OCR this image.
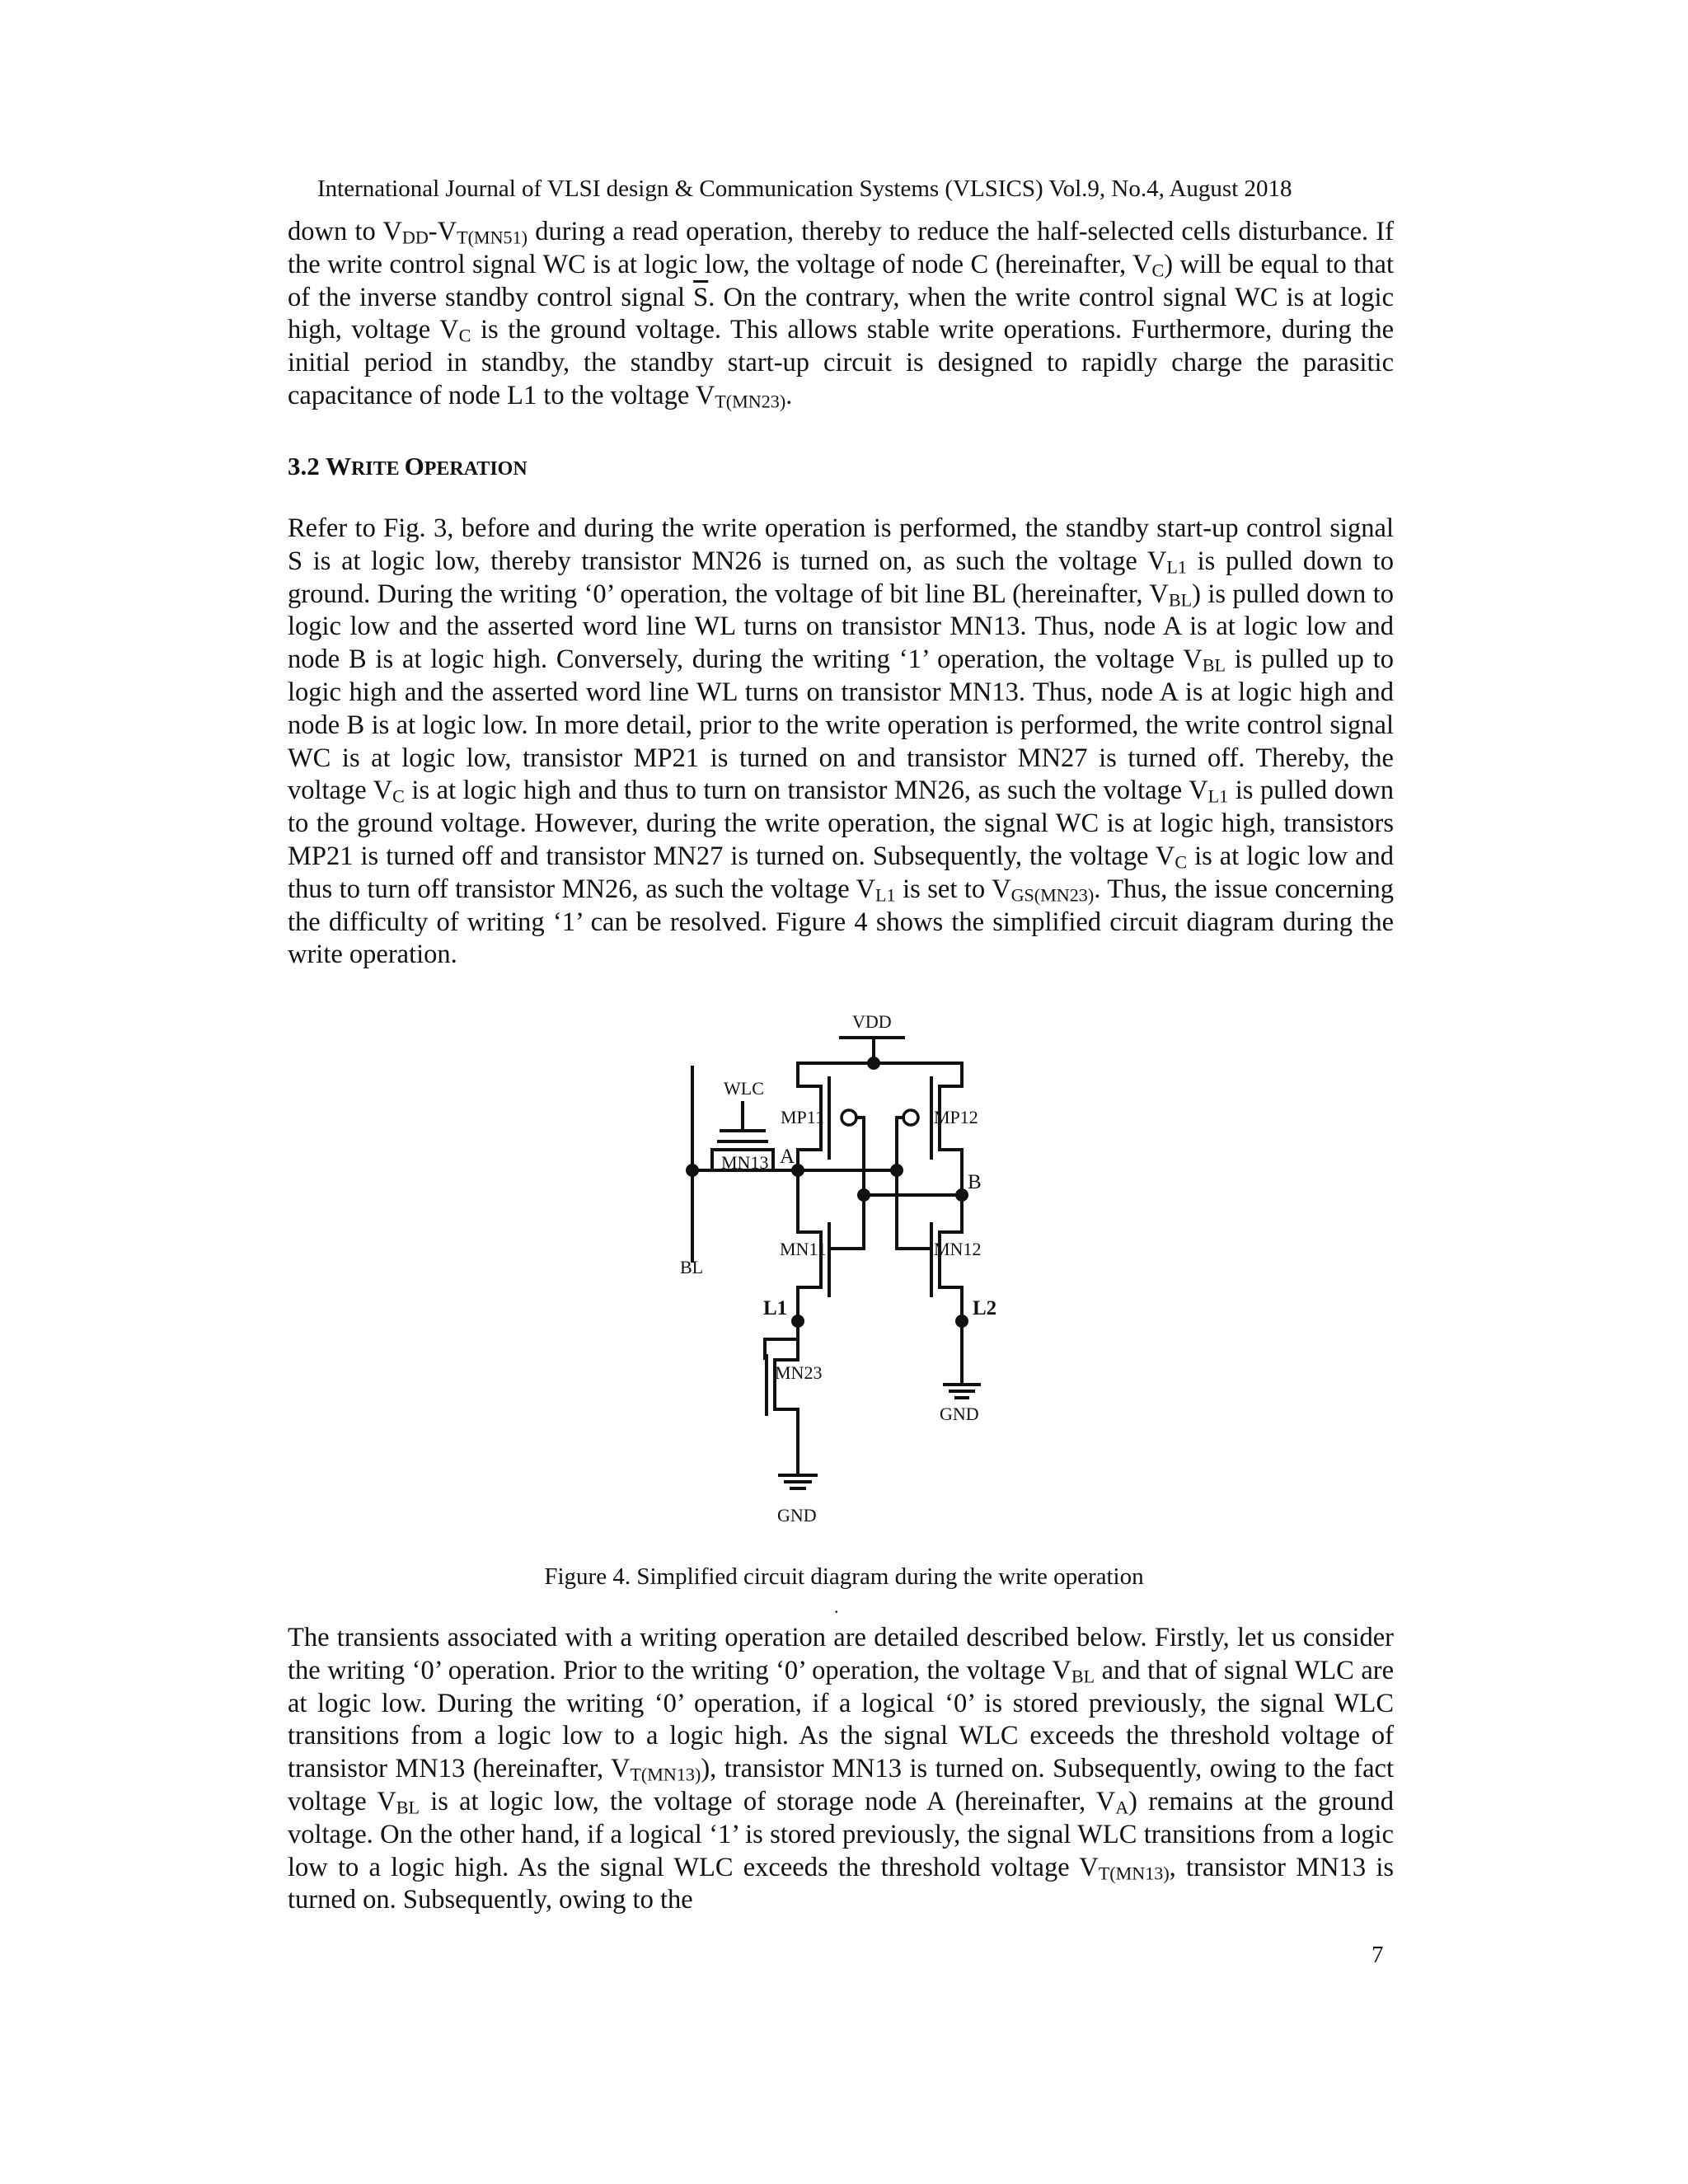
International Journal of VLSI design & Communication Systems (VLSICS) Vol.9, No.4, August 2018

down to $V_{DD}-V_{T(MN51)}$ during a read operation, thereby to reduce the half-selected cells disturbance. If the write control signal WC is at logic low, the voltage of node C (hereinafter, $V_C$) will be equal to that of the inverse standby control signal $\overline{S}$. On the contrary, when the write control signal WC is at logic high, voltage $V_C$ is the ground voltage. This allows stable write operations. Furthermore, during the initial period in standby, the standby start-up circuit is designed to rapidly charge the parasitic capacitance of node L1 to the voltage $V_{T(MN23)}$.

3.2 WRITE OPERATION

Refer to Fig. 3, before and during the write operation is performed, the standby start-up control signal S is at logic low, thereby transistor MN26 is turned on, as such the voltage $V_{L1}$ is pulled down to ground. During the writing ‘0’ operation, the voltage of bit line BL (hereinafter, $V_{BL}$) is pulled down to logic low and the asserted word line WL turns on transistor MN13. Thus, node A is at logic low and node B is at logic high. Conversely, during the writing ‘1’ operation, the voltage $V_{BL}$ is pulled up to logic high and the asserted word line WL turns on transistor MN13. Thus, node A is at logic high and node B is at logic low. In more detail, prior to the write operation is performed, the write control signal WC is at logic low, transistor MP21 is turned on and transistor MN27 is turned off. Thereby, the voltage $V_C$ is at logic high and thus to turn on transistor MN26, as such the voltage $V_{L1}$ is pulled down to the ground voltage. However, during the write operation, the signal WC is at logic high, transistors MP21 is turned off and transistor MN27 is turned on. Subsequently, the voltage $V_C$ is at logic low and thus to turn off transistor MN26, as such the voltage $V_{L1}$ is set to $V_{GS(MN23)}$. Thus, the issue concerning the difficulty of writing ‘1’ can be resolved. Figure 4 shows the simplified circuit diagram during the write operation.

VDD
WLC
MP11	MP12
MN13 A
B
MN11	MN12
BL
L1	L2
MN23
GND
GND
Figure 4. Simplified circuit diagram during the write operation
.

The transients associated with a writing operation are detailed described below. Firstly, let us consider the writing ‘0’ operation. Prior to the writing ‘0’ operation, the voltage $V_{BL}$ and that of signal WLC are at logic low. During the writing ‘0’ operation, if a logical ‘0’ is stored previously, the signal WLC transitions from a logic low to a logic high. As the signal WLC exceeds the threshold voltage of transistor MN13 (hereinafter, $V_{T(MN13)}$), transistor MN13 is turned on. Subsequently, owing to the fact voltage $V_{BL}$ is at logic low, the voltage of storage node A (hereinafter, $V_A$) remains at the ground voltage. On the other hand, if a logical ‘1’ is stored previously, the signal WLC transitions from a logic low to a logic high. As the signal WLC exceeds the threshold voltage $V_{T(MN13)}$, transistor MN13 is turned on. Subsequently, owing to the

7
